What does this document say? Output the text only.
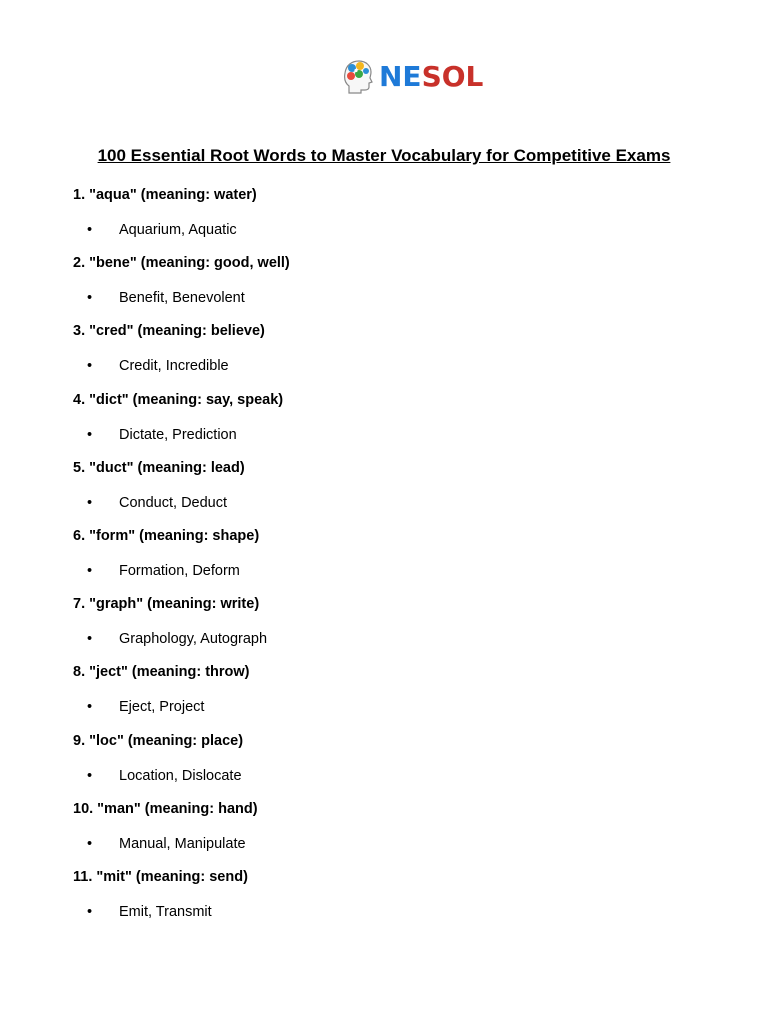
NESOL
100 Essential Root Words to Master Vocabulary for Competitive Exams
1. "aqua" (meaning: water)
• Aquarium, Aquatic
2. "bene" (meaning: good, well)
• Benefit, Benevolent
3. "cred" (meaning: believe)
• Credit, Incredible
4. "dict" (meaning: say, speak)
• Dictate, Prediction
5. "duct" (meaning: lead)
• Conduct, Deduct
6. "form" (meaning: shape)
• Formation, Deform
7. "graph" (meaning: write)
• Graphology, Autograph
8. "ject" (meaning: throw)
• Eject, Project
9. "loc" (meaning: place)
• Location, Dislocate
10. "man" (meaning: hand)
• Manual, Manipulate
11. "mit" (meaning: send)
• Emit, Transmit
